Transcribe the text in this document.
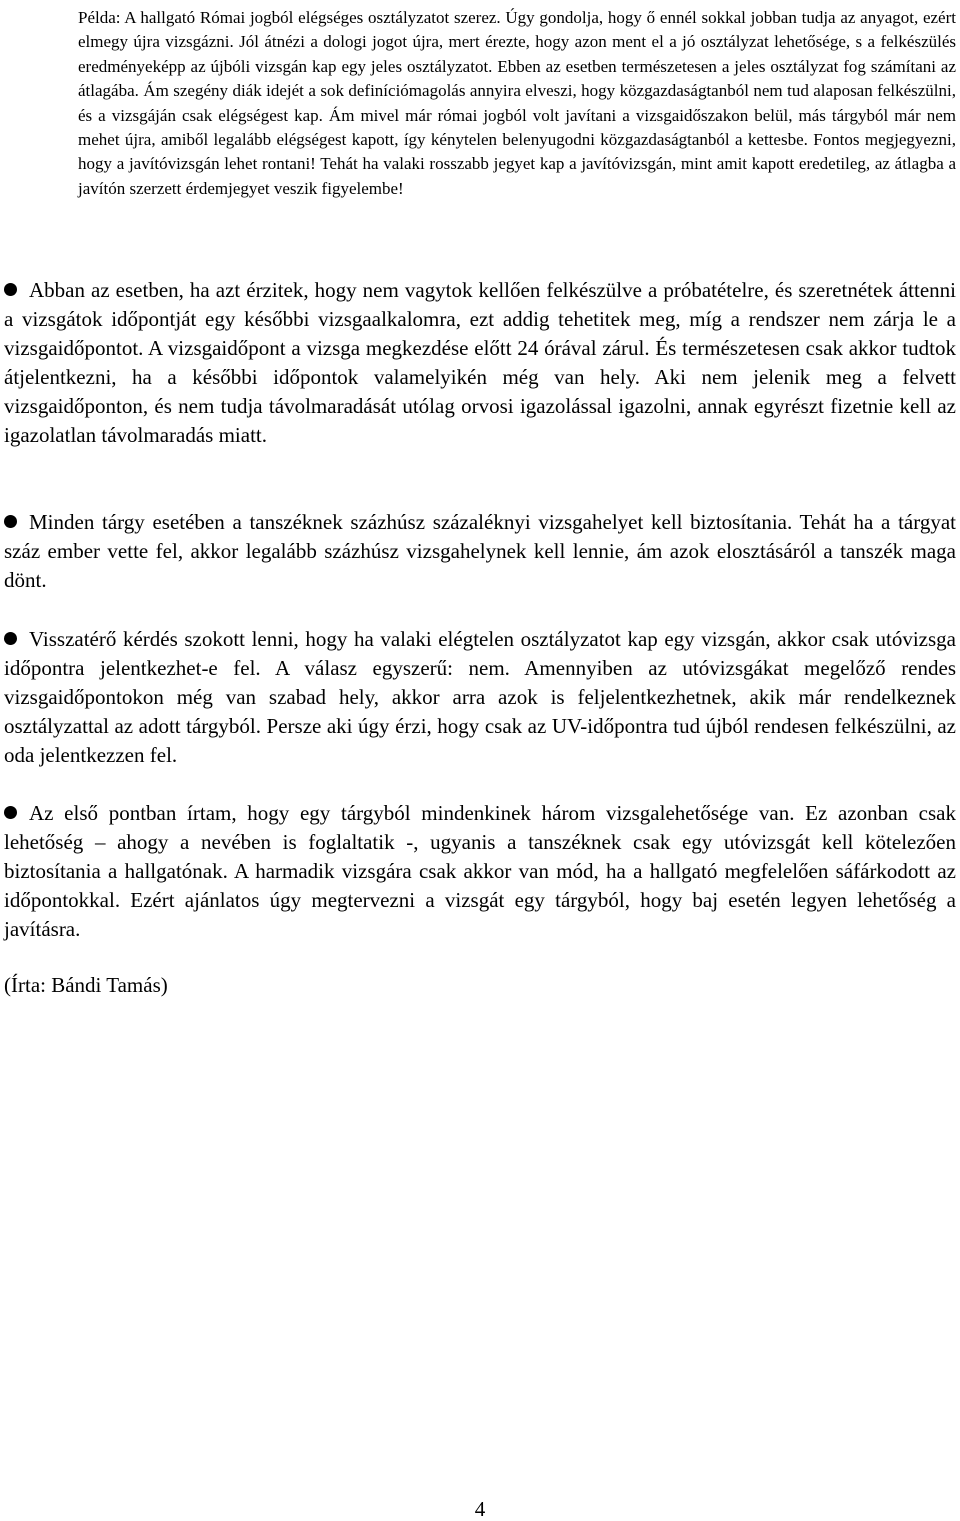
Példa: A hallgató Római jogból elégséges osztályzatot szerez. Úgy gondolja, hogy ő ennél sokkal jobban tudja az anyagot, ezért elmegy újra vizsgázni. Jól átnézi a dologi jogot újra, mert érezte, hogy azon ment el a jó osztályzat lehetősége, s a felkészülés eredményeképp az újbóli vizsgán kap egy jeles osztályzatot. Ebben az esetben természetesen a jeles osztályzat fog számítani az átlagába. Ám szegény diák idejét a sok definíciómagolás annyira elveszi, hogy közgazdaságtanból nem tud alaposan felkészülni, és a vizsgáján csak elégségest kap. Ám mivel már római jogból volt javítani a vizsgaidőszakon belül, más tárgyból már nem mehet újra, amiből legalább elégségest kapott, így kénytelen belenyugodni közgazdaságtanból a kettesbe. Fontos megjegyezni, hogy a javítóvizsgán lehet rontani! Tehát ha valaki rosszabb jegyet kap a javítóvizsgán, mint amit kapott eredetileg, az átlagba a javítón szerzett érdemjegyet veszik figyelembe!

Abban az esetben, ha azt érzitek, hogy nem vagytok kellően felkészülve a próbatételre, és szeretnétek áttenni a vizsgátok időpontját egy későbbi vizsgaalkalomra, ezt addig tehetitek meg, míg a rendszer nem zárja le a vizsgaidőpontot. A vizsgaidőpont a vizsga megkezdése előtt 24 órával zárul. És természetesen csak akkor tudtok átjelentkezni, ha a későbbi időpontok valamelyikén még van hely. Aki nem jelenik meg a felvett vizsgaidőponton, és nem tudja távolmaradását utólag orvosi igazolással igazolni, annak egyrészt fizetnie kell az igazolatlan távolmaradás miatt.

Minden tárgy esetében a tanszéknek százhúsz százaléknyi vizsgahelyet kell biztosítania. Tehát ha a tárgyat száz ember vette fel, akkor legalább százhúsz vizsgahelynek kell lennie, ám azok elosztásáról a tanszék maga dönt.

Visszatérő kérdés szokott lenni, hogy ha valaki elégtelen osztályzatot kap egy vizsgán, akkor csak utóvizsga időpontra jelentkezhet-e fel. A válasz egyszerű: nem. Amennyiben az utóvizsgákat megelőző rendes vizsgaidőpontokon még van szabad hely, akkor arra azok is feljelentkezhetnek, akik már rendelkeznek osztályzattal az adott tárgyból. Persze aki úgy érzi, hogy csak az UV-időpontra tud újból rendesen felkészülni, az oda jelentkezzen fel.

Az első pontban írtam, hogy egy tárgyból mindenkinek három vizsgalehetősége van. Ez azonban csak lehetőség – ahogy a nevében is foglaltatik -, ugyanis a tanszéknek csak egy utóvizsgát kell kötelezően biztosítania a hallgatónak. A harmadik vizsgára csak akkor van mód, ha a hallgató megfelelően sáfárkodott az időpontokkal. Ezért ajánlatos úgy megtervezni a vizsgát egy tárgyból, hogy baj esetén legyen lehetőség a javításra.

(Írta: Bándi Tamás)

4
